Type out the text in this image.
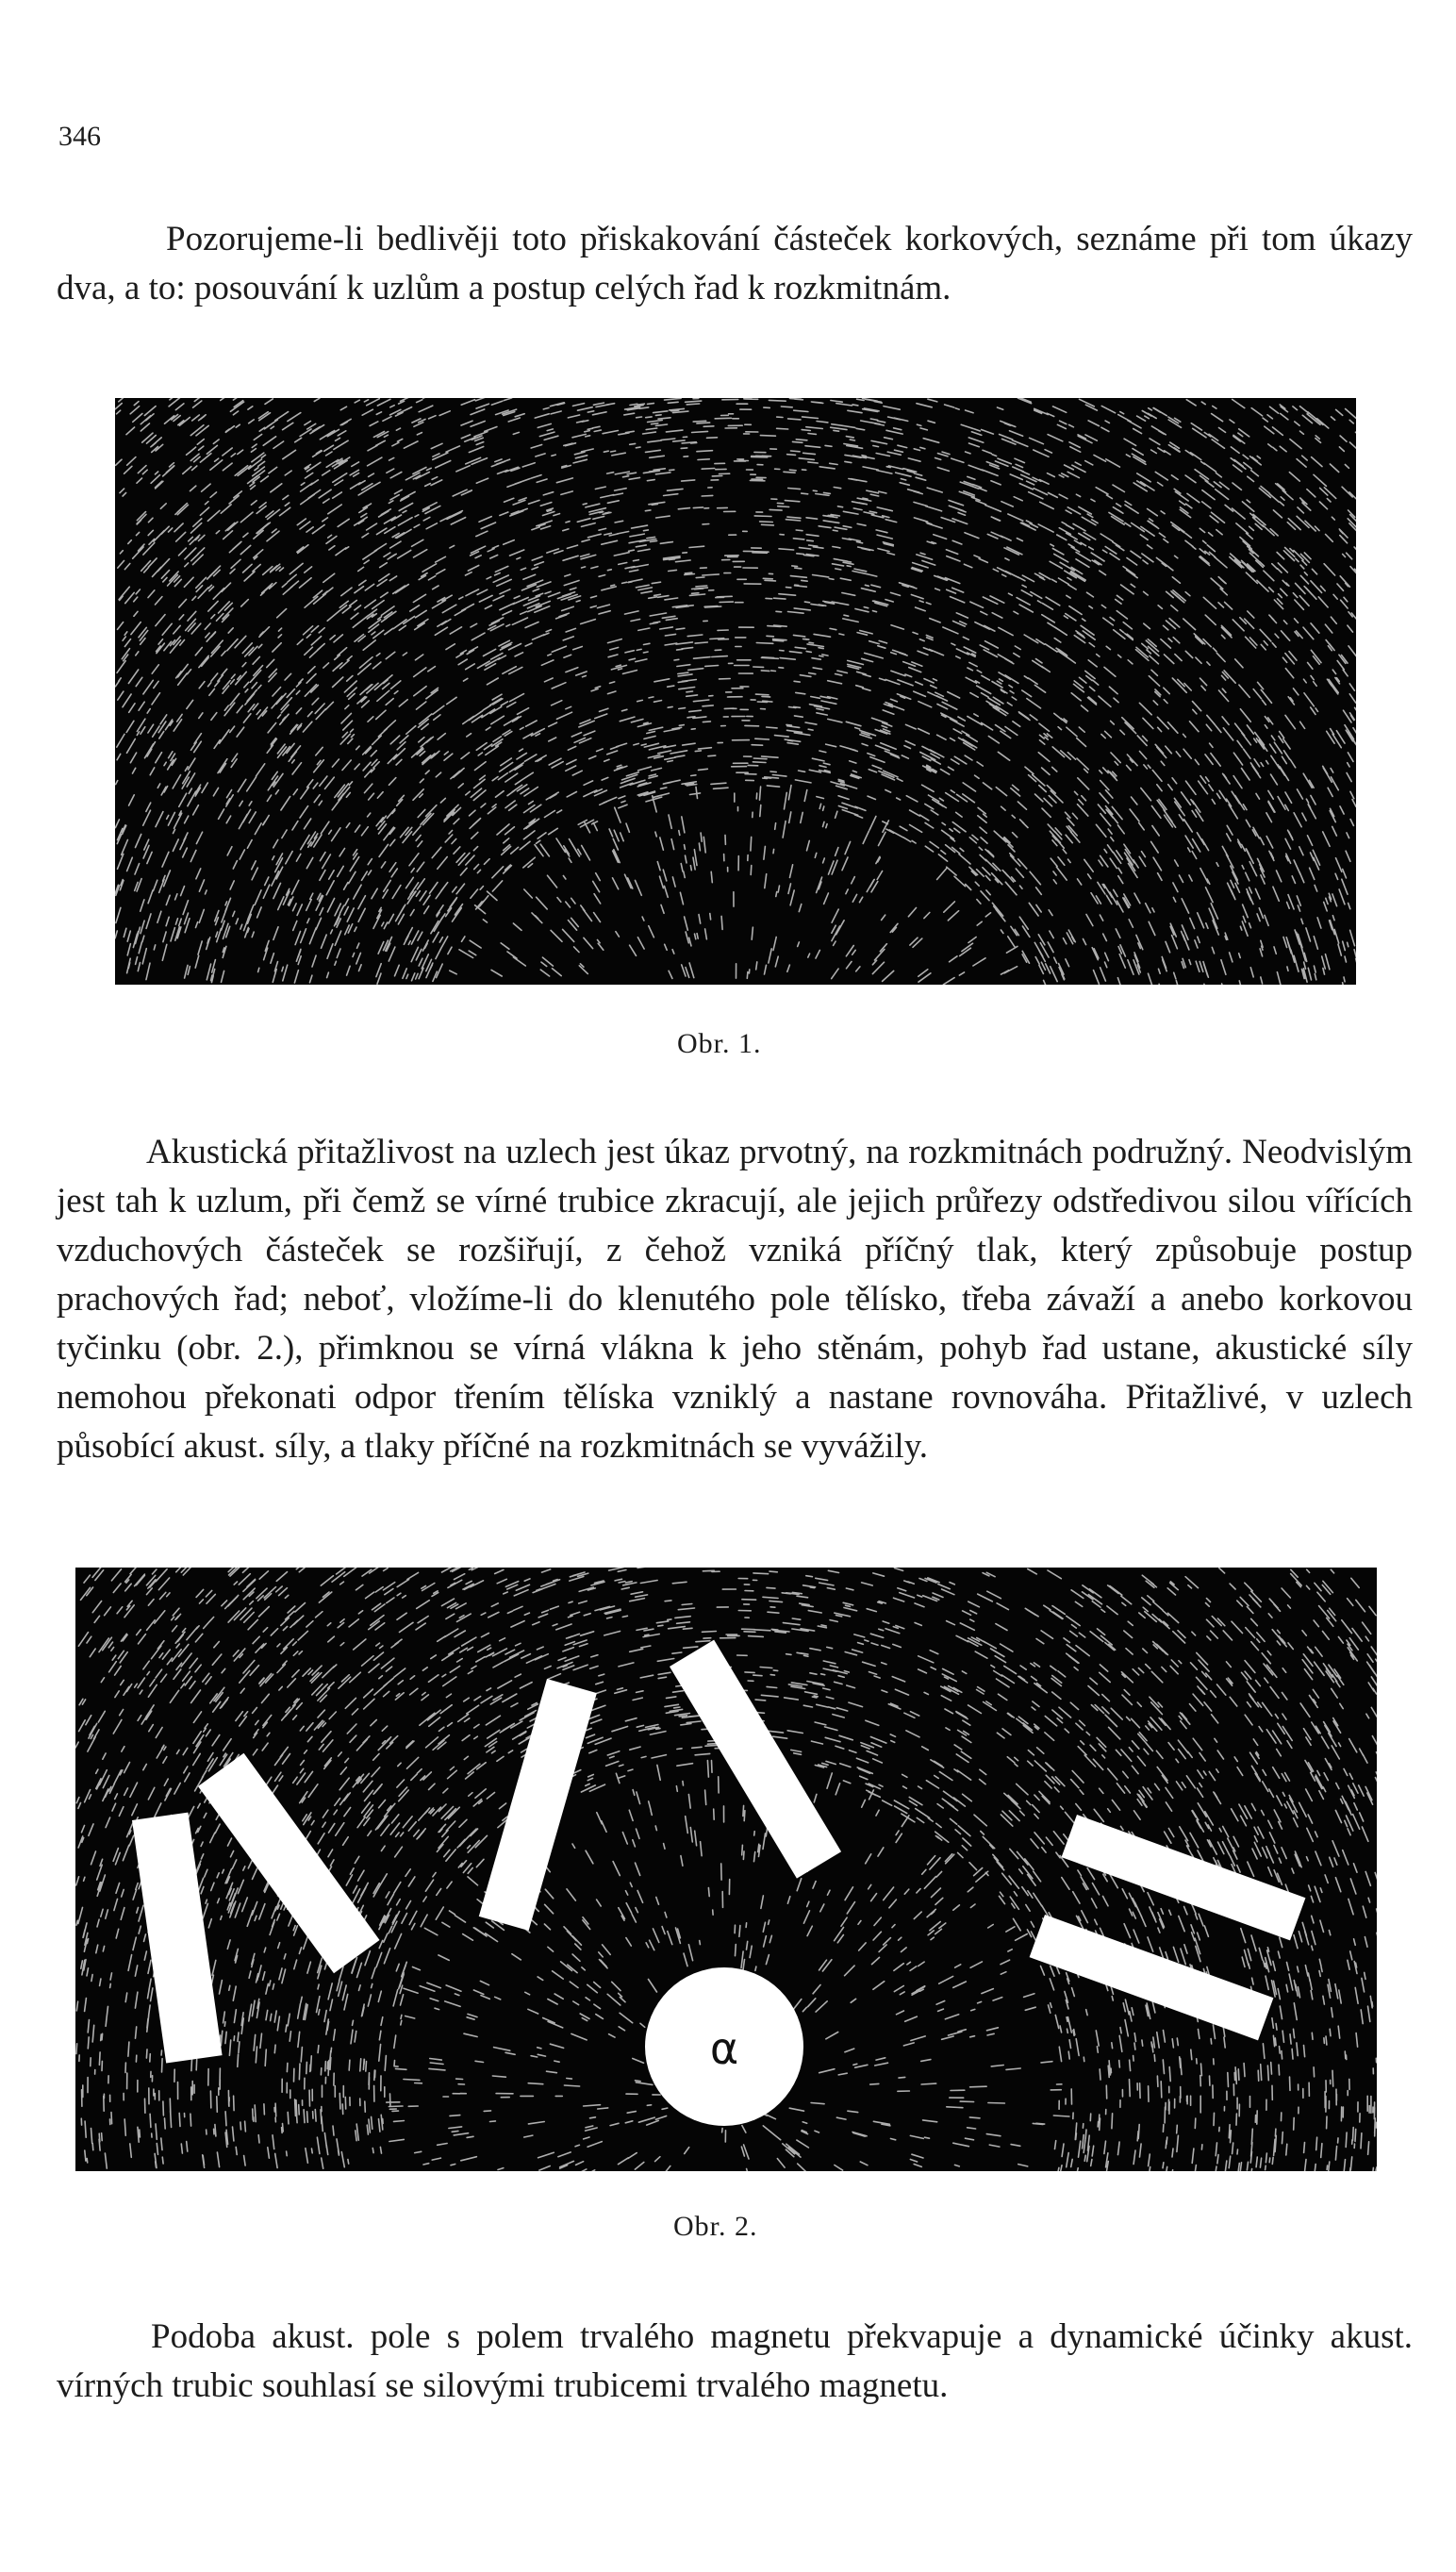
346

Pozorujeme-li bedlivěji toto přiskakování částeček korkových, seznáme při tom úkazy dva, a to: posouvání k uzlům a postup celých řad k rozkmitnám.

Obr. 1.

Akustická přitažlivost na uzlech jest úkaz prvotný, na rozkmitnách podružný. Neodvislým jest tah k uzlum, při čemž se vírné trubice zkracují, ale jejich průřezy odstředivou silou vířících vzduchových částeček se rozšiřují, z čehož vzniká příčný tlak, který způsobuje postup prachových řad; neboť, vložíme-li do klenutého pole tělísko, třeba závaží a anebo korkovou tyčinku (obr. 2.), přimknou se vírná vlákna k jeho stěnám, pohyb řad ustane, akustické síly nemohou překonati odpor třením tělíska vzniklý a nastane rovnováha. Přitažlivé, v uzlech působící akust. síly, a tlaky příčné na rozkmitnách se vyvážily.

α
Obr. 2.

Podoba akust. pole s polem trvalého magnetu překvapuje a dynamické účinky akust. vírných trubic souhlasí se silovými trubicemi trvalého magnetu.
